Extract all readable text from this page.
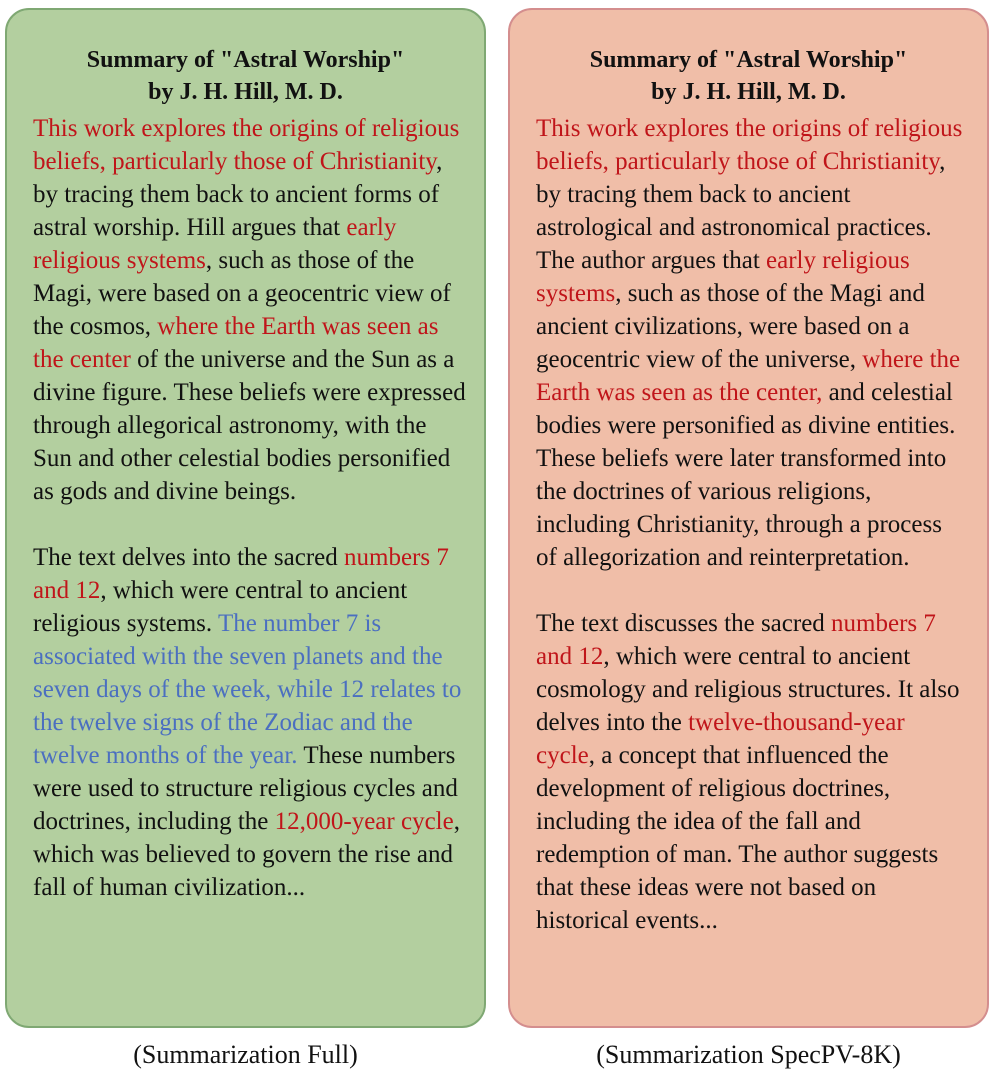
Summary of "Astral Worship"
by J. H. Hill, M. D.

This work explores the origins of religious beliefs, particularly those of Christianity, by tracing them back to ancient forms of astral worship. Hill argues that early religious systems, such as those of the Magi, were based on a geocentric view of the cosmos, where the Earth was seen as the center of the universe and the Sun as a divine figure. These beliefs were expressed through allegorical astronomy, with the Sun and other celestial bodies personified as gods and divine beings.

The text delves into the sacred numbers 7 and 12, which were central to ancient religious systems. The number 7 is associated with the seven planets and the seven days of the week, while 12 relates to the twelve signs of the Zodiac and the twelve months of the year. These numbers were used to structure religious cycles and doctrines, including the 12,000-year cycle, which was believed to govern the rise and fall of human civilization...

Summary of "Astral Worship"
by J. H. Hill, M. D.

This work explores the origins of religious beliefs, particularly those of Christianity, by tracing them back to ancient astrological and astronomical practices. The author argues that early religious systems, such as those of the Magi and ancient civilizations, were based on a geocentric view of the universe, where the Earth was seen as the center, and celestial bodies were personified as divine entities. These beliefs were later transformed into the doctrines of various religions, including Christianity, through a process of allegorization and reinterpretation.

The text discusses the sacred numbers 7 and 12, which were central to ancient cosmology and religious structures. It also delves into the twelve-thousand-year cycle, a concept that influenced the development of religious doctrines, including the idea of the fall and redemption of man. The author suggests that these ideas were not based on historical events...

(Summarization Full)	(Summarization SpecPV-8K)
